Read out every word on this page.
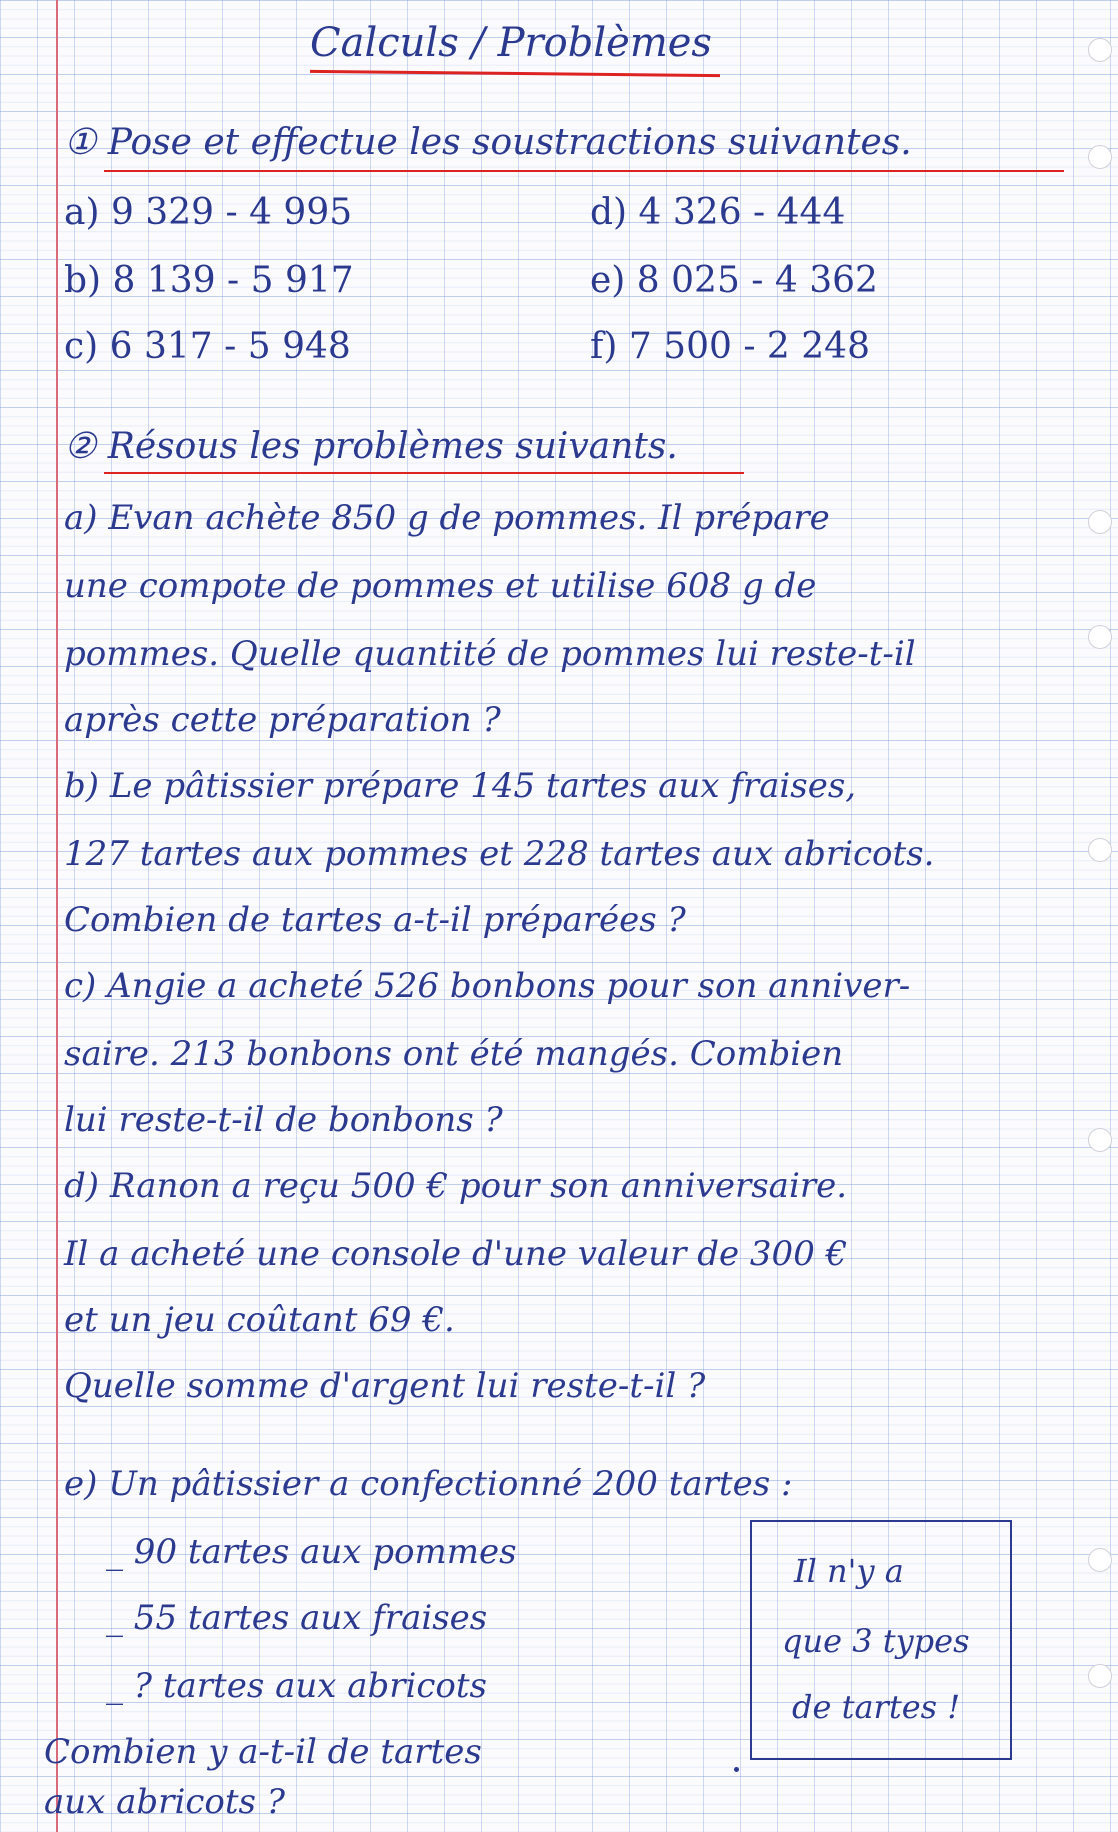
Calculs / Problèmes
① Pose et effectue les soustractions suivantes.
a) 9 329 - 4 995
b) 8 139 - 5 917
c) 6 317 - 5 948
d) 4 326 - 444
e) 8 025 - 4 362
f) 7 500 - 2 248
② Résous les problèmes suivants.
a) Evan achète 850 g de pommes. Il prépare
une compote de pommes et utilise 608 g de
pommes. Quelle quantité de pommes lui reste-t-il
après cette préparation ?
b) Le pâtissier prépare 145 tartes aux fraises,
127 tartes aux pommes et 228 tartes aux abricots.
Combien de tartes a-t-il préparées ?
c) Angie a acheté 526 bonbons pour son anniver-
saire. 213 bonbons ont été mangés. Combien
lui reste-t-il de bonbons ?
d) Ranon a reçu 500 € pour son anniversaire.
Il a acheté une console d'une valeur de 300 €
et un jeu coûtant 69 €.
Quelle somme d'argent lui reste-t-il ?
e) Un pâtissier a confectionné 200 tartes :
_ 90 tartes aux pommes
_ 55 tartes aux fraises
_ ? tartes aux abricots
Combien y a-t-il de tartes
aux abricots ?
Il n'y a
que 3 types
de tartes !
